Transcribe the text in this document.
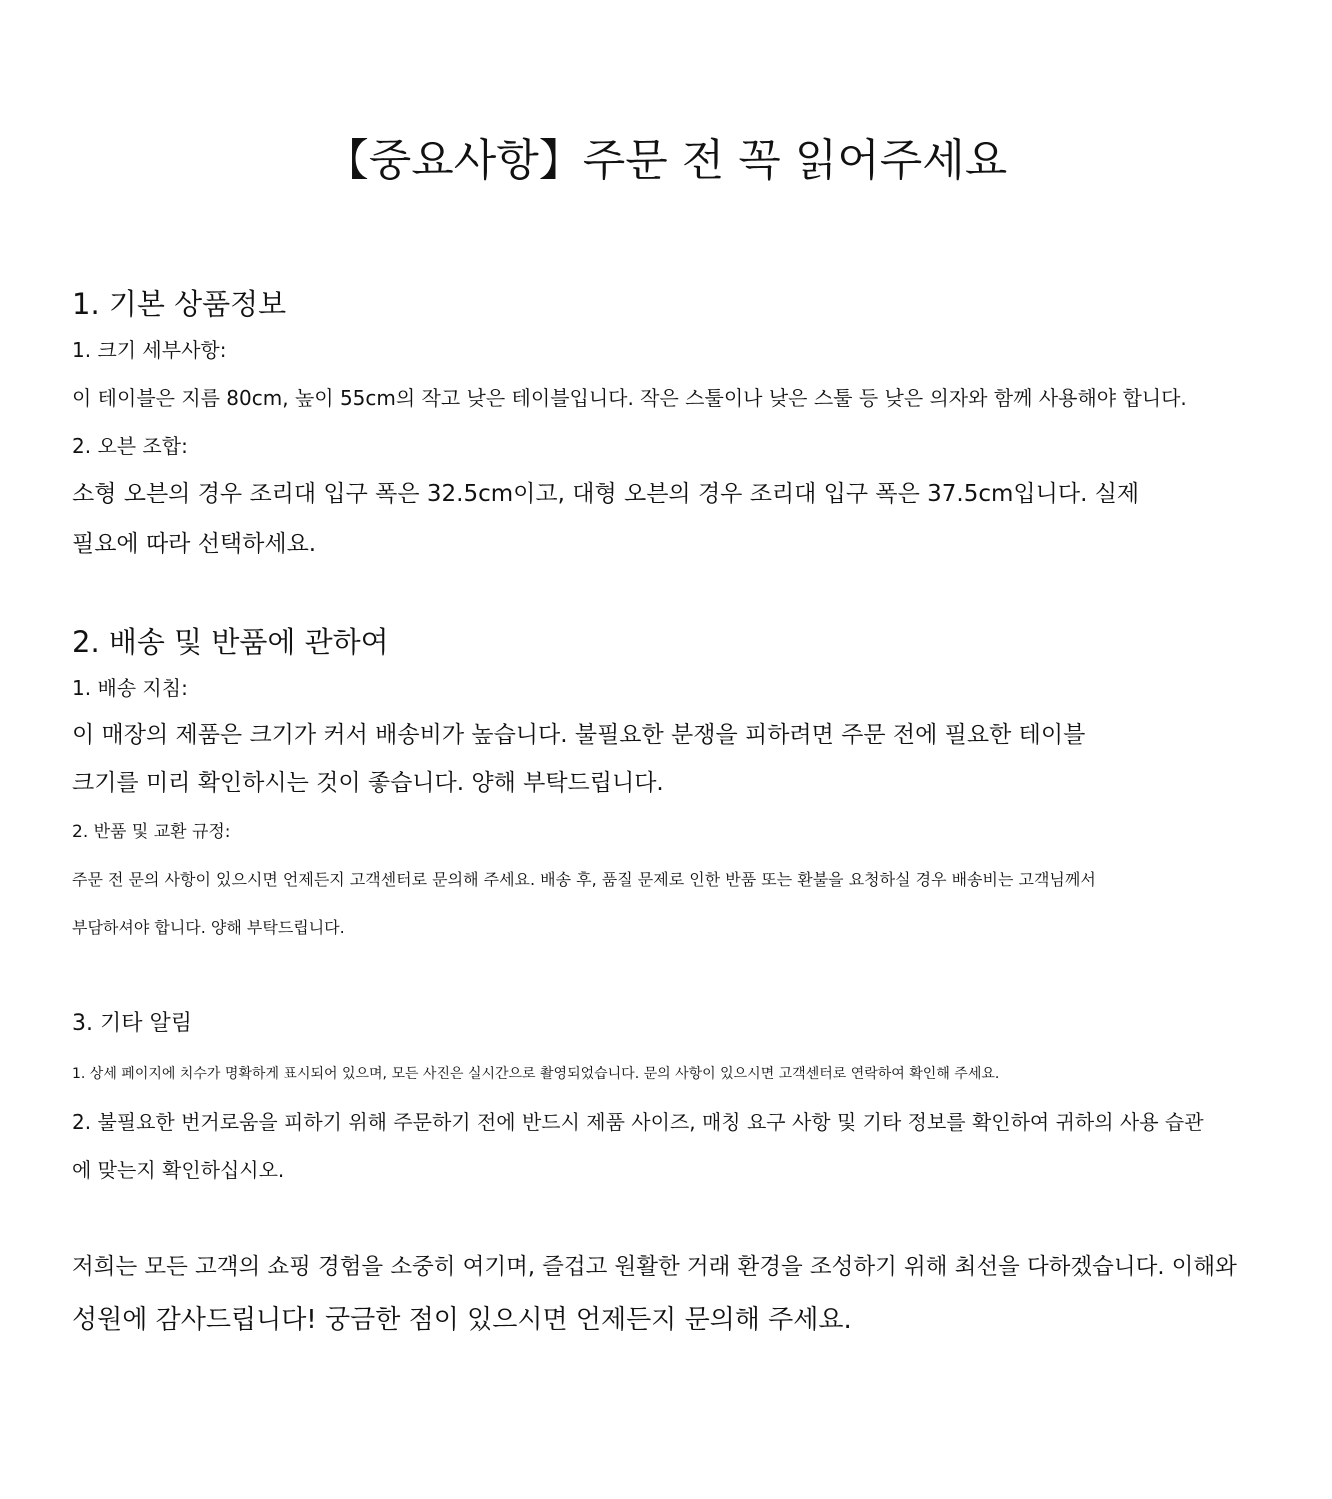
【중요사항】주문 전 꼭 읽어주세요
1. 기본 상품정보
1. 크기 세부사항:

이 테이블은 지름 80cm, 높이 55cm의 작고 낮은 테이블입니다. 작은 스툴이나 낮은 스툴 등 낮은 의자와 함께 사용해야 합니다.

2. 오븐 조합:

소형 오븐의 경우 조리대 입구 폭은 32.5cm이고, 대형 오븐의 경우 조리대 입구 폭은 37.5cm입니다. 실제

필요에 따라 선택하세요.

2. 배송 및 반품에 관하여
1. 배송 지침:

이 매장의 제품은 크기가 커서 배송비가 높습니다. 불필요한 분쟁을 피하려면 주문 전에 필요한 테이블

크기를 미리 확인하시는 것이 좋습니다. 양해 부탁드립니다.

2. 반품 및 교환 규정:

주문 전 문의 사항이 있으시면 언제든지 고객센터로 문의해 주세요. 배송 후, 품질 문제로 인한 반품 또는 환불을 요청하실 경우 배송비는 고객님께서

부담하셔야 합니다. 양해 부탁드립니다.

3. 기타 알림

1. 상세 페이지에 치수가 명확하게 표시되어 있으며, 모든 사진은 실시간으로 촬영되었습니다. 문의 사항이 있으시면 고객센터로 연락하여 확인해 주세요.

2. 불필요한 번거로움을 피하기 위해 주문하기 전에 반드시 제품 사이즈, 매칭 요구 사항 및 기타 정보를 확인하여 귀하의 사용 습관

에 맞는지 확인하십시오.

저희는 모든 고객의 쇼핑 경험을 소중히 여기며, 즐겁고 원활한 거래 환경을 조성하기 위해 최선을 다하겠습니다. 이해와

성원에 감사드립니다! 궁금한 점이 있으시면 언제든지 문의해 주세요.
